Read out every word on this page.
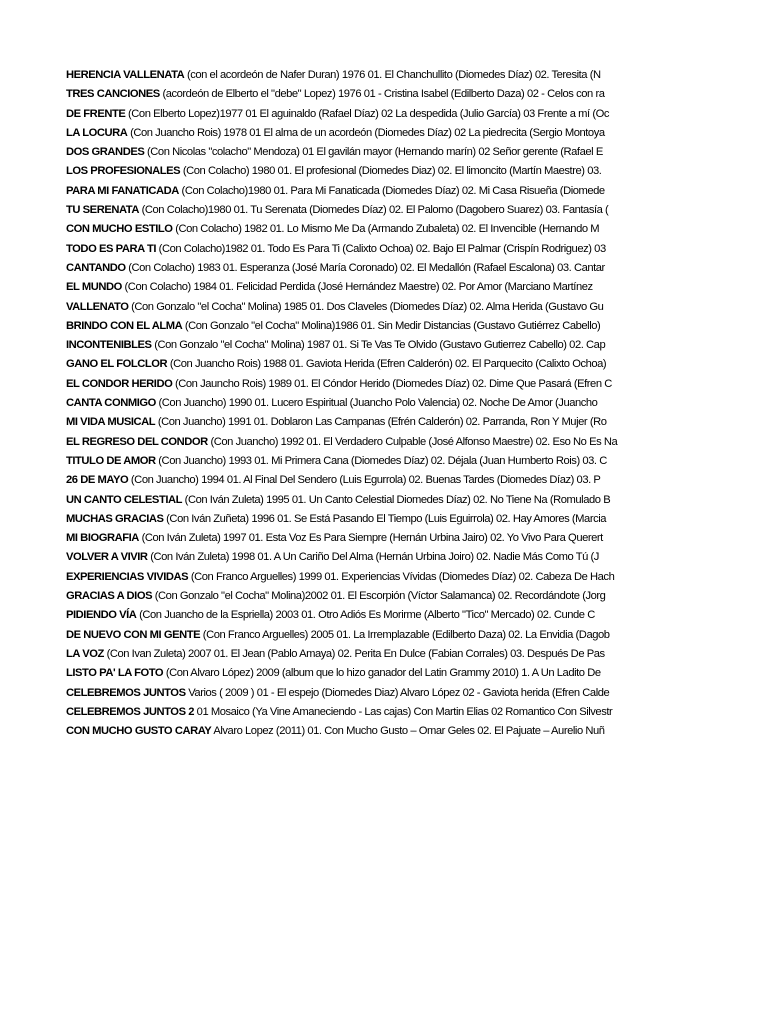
HERENCIA VALLENATA (con el acordeón de Nafer Duran) 1976 01. El Chanchullito (Diomedes Díaz) 02. Teresita (N
TRES CANCIONES (acordeón de Elberto el "debe" Lopez) 1976 01 - Cristina Isabel (Edilberto Daza) 02 - Celos con ra
DE FRENTE (Con Elberto Lopez)1977 01 El aguinaldo (Rafael Díaz) 02 La despedida (Julio García) 03 Frente a mí (Oc
LA LOCURA (Con Juancho Rois) 1978 01 El alma de un acordeón (Diomedes Díaz) 02 La piedrecita (Sergio Montoya
DOS GRANDES (Con Nicolas "colacho" Mendoza) 01 El gavilán mayor (Hernando marín) 02 Señor gerente (Rafael E
LOS PROFESIONALES (Con Colacho) 1980 01. El profesional (Diomedes Diaz) 02. El limoncito (Martín Maestre) 03.
PARA MI FANATICADA (Con Colacho)1980 01. Para Mi Fanaticada (Diomedes Díaz) 02. Mi Casa Risueña (Diomede
TU SERENATA (Con Colacho)1980 01. Tu Serenata (Diomedes Díaz) 02. El Palomo (Dagobero Suarez) 03. Fantasía (
CON MUCHO ESTILO (Con Colacho) 1982 01. Lo Mismo Me Da (Armando Zubaleta) 02. El Invencible (Hernando M
TODO ES PARA TI (Con Colacho)1982 01. Todo Es Para Ti (Calixto Ochoa) 02. Bajo El Palmar (Crispín Rodriguez) 03
CANTANDO (Con Colacho) 1983 01. Esperanza (José María Coronado) 02. El Medallón (Rafael Escalona) 03. Cantar
EL MUNDO (Con Colacho) 1984 01. Felicidad Perdida (José Hernández Maestre) 02. Por Amor (Marciano Martínez
VALLENATO (Con Gonzalo "el Cocha" Molina) 1985 01. Dos Claveles (Diomedes Díaz) 02. Alma Herida (Gustavo Gu
BRINDO CON EL ALMA (Con Gonzalo "el Cocha" Molina)1986 01. Sin Medir Distancias (Gustavo Gutiérrez Cabello)
INCONTENIBLES (Con Gonzalo "el Cocha" Molina) 1987 01. Si Te Vas Te Olvido (Gustavo Gutierrez Cabello) 02. Cap
GANO EL FOLCLOR (Con Juancho Rois) 1988 01. Gaviota Herida (Efren Calderón) 02. El Parquecito (Calixto Ochoa)
EL CONDOR HERIDO (Con Jauncho Rois) 1989 01. El Cóndor Herido (Diomedes Díaz) 02. Dime Que Pasará (Efren C
CANTA CONMIGO (Con Juancho) 1990 01. Lucero Espiritual (Juancho Polo Valencia) 02. Noche De Amor (Juancho
MI VIDA MUSICAL (Con Juancho) 1991 01. Doblaron Las Campanas (Efrén Calderón) 02. Parranda, Ron Y Mujer (Ro
EL REGRESO DEL CONDOR (Con Juancho) 1992 01. El Verdadero Culpable (José Alfonso Maestre) 02. Eso No Es Na
TITULO DE AMOR (Con Juancho) 1993 01. Mi Primera Cana (Diomedes Díaz) 02. Déjala (Juan Humberto Rois) 03. C
26 DE MAYO (Con Juancho) 1994 01. Al Final Del Sendero (Luis Egurrola) 02. Buenas Tardes (Diomedes Díaz) 03. P
UN CANTO CELESTIAL (Con Iván Zuleta) 1995 01. Un Canto Celestial Diomedes Díaz) 02. No Tiene Na (Romulado B
MUCHAS GRACIAS (Con Iván Zuñeta) 1996 01. Se Está Pasando El Tiempo (Luis Eguirrola) 02. Hay Amores (Marcia
MI BIOGRAFIA (Con Iván Zuleta) 1997 01. Esta Voz Es Para Siempre (Hernán Urbina Jairo) 02. Yo Vivo Para Querert
VOLVER A VIVIR (Con Iván Zuleta) 1998 01. A Un Cariño Del Alma (Hernán Urbina Joiro) 02. Nadie Más Como Tú (J
EXPERIENCIAS VIVIDAS (Con Franco Arguelles) 1999 01. Experiencias Vívidas (Diomedes Díaz) 02. Cabeza De Hach
GRACIAS A DIOS (Con Gonzalo "el Cocha" Molina)2002 01. El Escorpión (Víctor Salamanca) 02. Recordándote (Jorg
PIDIENDO VÍA (Con Juancho de la Espriella) 2003 01. Otro Adiós Es Morirme (Alberto "Tico" Mercado) 02. Cunde C
DE NUEVO CON MI GENTE (Con Franco Arguelles) 2005 01. La Irremplazable (Edilberto Daza) 02. La Envidia (Dagob
LA VOZ (Con Ivan Zuleta) 2007 01. El Jean (Pablo Amaya) 02. Perita En Dulce (Fabian Corrales) 03. Después De Pas
LISTO PA' LA FOTO (Con Alvaro López) 2009 (album que lo hizo ganador del Latin Grammy 2010) 1. A Un Ladito De
CELEBREMOS JUNTOS Varios ( 2009 ) 01 - El espejo (Diomedes Diaz) Alvaro López 02 - Gaviota herida (Efren Calde
CELEBREMOS JUNTOS 2 01 Mosaico (Ya Vine Amaneciendo - Las cajas) Con Martin Elias 02 Romantico Con Silvestr
CON MUCHO GUSTO CARAY Alvaro Lopez (2011) 01. Con Mucho Gusto – Omar Geles 02. El Pajuate – Aurelio Nuñ
